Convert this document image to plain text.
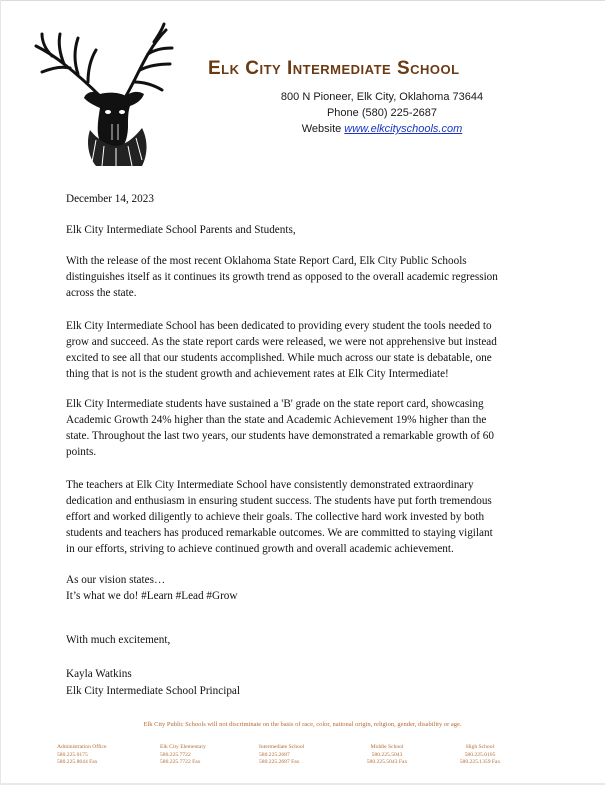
Elk City Intermediate School
800 N Pioneer, Elk City, Oklahoma 73644
Phone (580) 225-2687
Website www.elkcityschools.com

December 14, 2023

Elk City Intermediate School Parents and Students,

With the release of the most recent Oklahoma State Report Card, Elk City Public Schools
distinguishes itself as it continues its growth trend as opposed to the overall academic regression
across the state.
Elk City Intermediate School has been dedicated to providing every student the tools needed to
grow and succeed. As the state report cards were released, we were not apprehensive but instead
excited to see all that our students accomplished. While much across our state is debatable, one
thing that is not is the student growth and achievement rates at Elk City Intermediate!
Elk City Intermediate students have sustained a 'B' grade on the state report card, showcasing
Academic Growth 24% higher than the state and Academic Achievement 19% higher than the
state. Throughout the last two years, our students have demonstrated a remarkable growth of 60
points.
The teachers at Elk City Intermediate School have consistently demonstrated extraordinary
dedication and enthusiasm in ensuring student success. The students have put forth tremendous
effort and worked diligently to achieve their goals. The collective hard work invested by both
students and teachers has produced remarkable outcomes. We are committed to staying vigilant
in our efforts, striving to achieve continued growth and overall academic achievement.
As our vision states…
It’s what we do! #Learn #Lead #Grow
With much excitement,
Kayla Watkins
Elk City Intermediate School Principal
Elk City Public Schools will not discriminate on the basis of race, color, national origin, religion, gender, disability or age.
Administration Office
580.225.0175
580.225.8644 Fax
Elk City Elementary
580.225.7722
580.225.7722 Fax
Intermediate School
580.225.2687
580.225.2687 Fax
Middle School
580.225.5043
580.225.5043 Fax
High School
580.225.0105
580.225.1359 Fax
